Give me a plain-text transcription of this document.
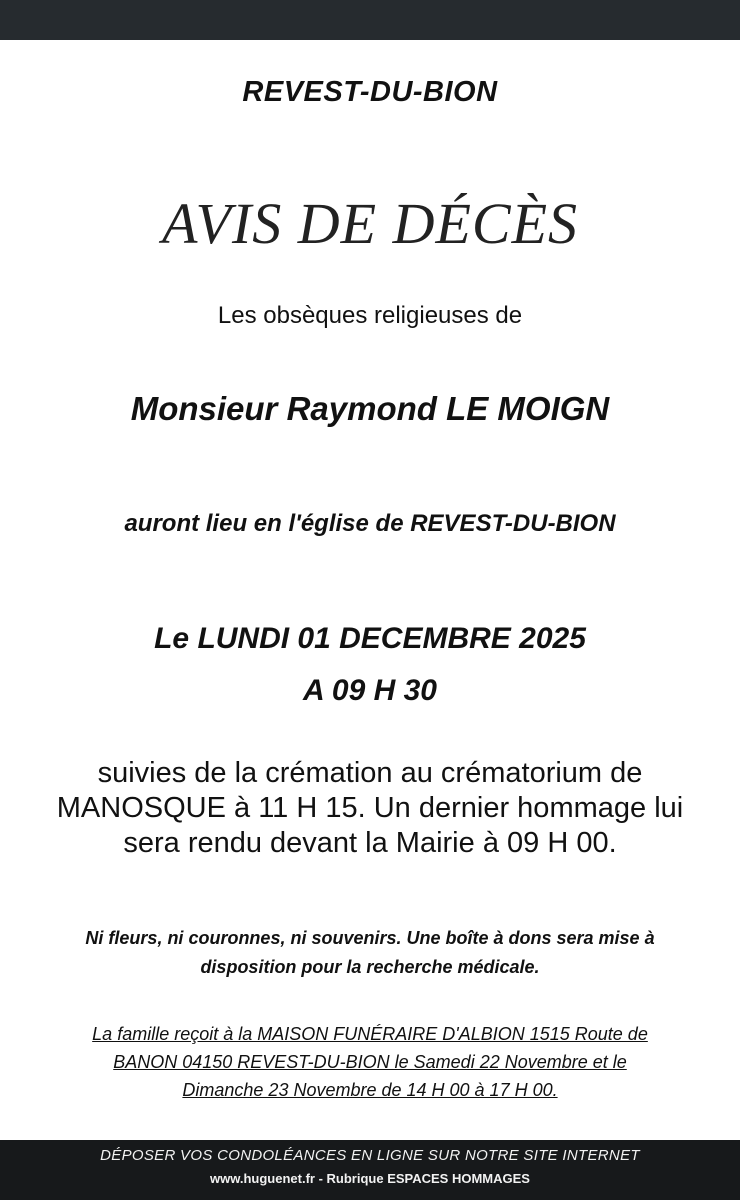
REVEST-DU-BION
AVIS DE DÉCÈS
Les obsèques religieuses de
Monsieur Raymond LE MOIGN
auront lieu en l'église de REVEST-DU-BION
Le LUNDI 01 DECEMBRE 2025
A 09 H 30
suivies de la crémation au crématorium de
MANOSQUE à 11 H 15. Un dernier hommage lui
sera rendu devant la Mairie à 09 H 00.
Ni fleurs, ni couronnes, ni souvenirs. Une boîte à dons sera mise à
disposition pour la recherche médicale.
La famille reçoit à la MAISON FUNÉRAIRE D'ALBION 1515 Route de
BANON 04150 REVEST-DU-BION le Samedi 22 Novembre et le
Dimanche 23 Novembre de 14 H 00 à 17 H 00.
DÉPOSER VOS CONDOLÉANCES EN LIGNE SUR NOTRE SITE INTERNET
www.huguenet.fr - Rubrique ESPACES HOMMAGES
